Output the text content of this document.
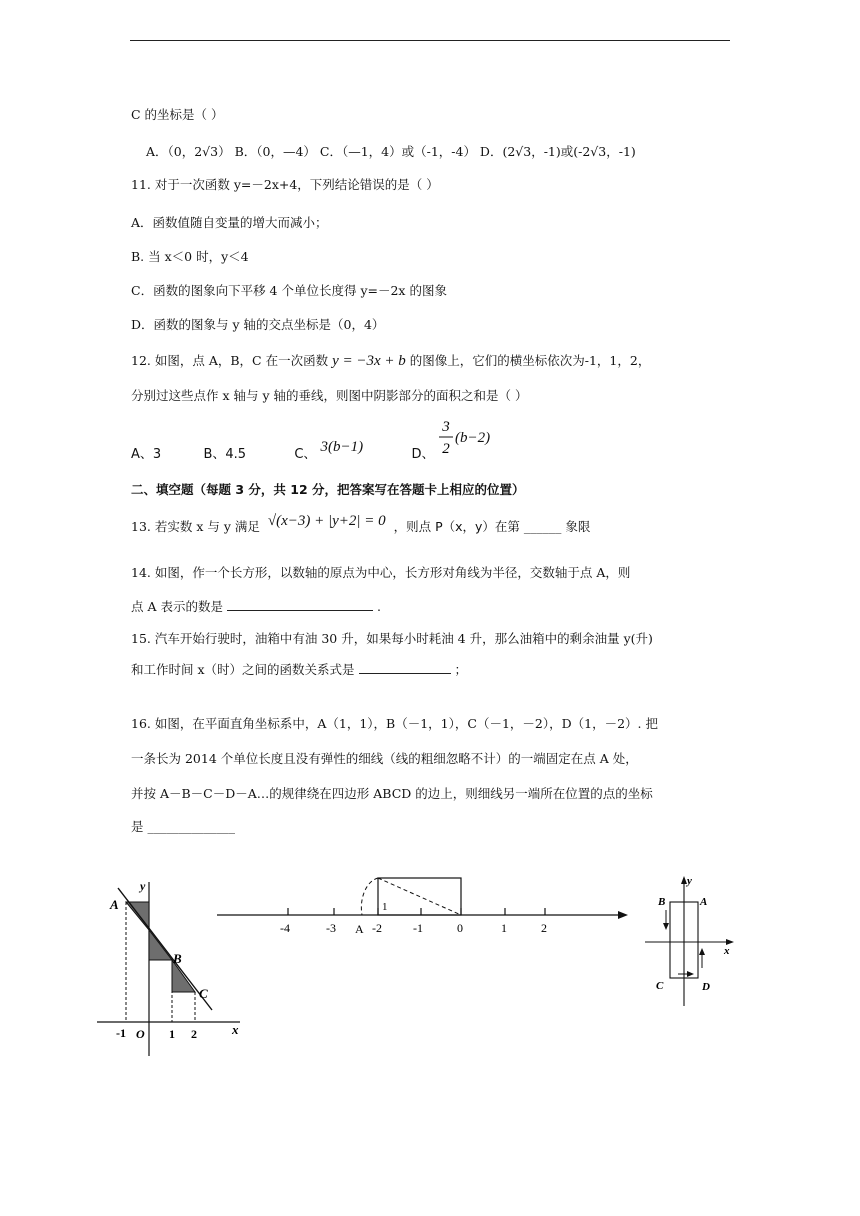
C 的坐标是（ ）
A．（0，2√3） B．（0，—4） C．（—1，4）或（-1，-4） D．(2√3，-1)或(-2√3，-1)
11. 对于一次函数 y=－2x+4，下列结论错误的是（ ）
A．函数值随自变量的增大而减小；
B. 当 x＜0 时，y＜4
C．函数的图象向下平移 4 个单位长度得 y=－2x 的图象
D．函数的图象与 y 轴的交点坐标是（0，4）
12. 如图，点 A，B，C 在一次函数 y = −3x + b 的图像上，它们的横坐标依次为-1，1，2，
分别过这些点作 x 轴与 y 轴的垂线，则图中阴影部分的面积之和是（ ）
A、3	B、4.5	C、 3(b−1)	D、
3
2
(b−2)
二、填空题（每题 3 分，共 12 分，把答案写在答题卡上相应的位置）
13. 若实数 x 与 y 满足 √(x−3) + |y+2| = 0 ，则点 P（x，y）在第 ______ 象限
14. 如图，作一个长方形，以数轴的原点为中心，长方形对角线为半径，交数轴于点 A，则
点 A 表示的数是	.
15. 汽车开始行驶时，油箱中有油 30 升，如果每小时耗油 4 升，那么油箱中的剩余油量 y(升)
和工作时间 x（时）之间的函数关系式是	；
16. 如图，在平面直角坐标系中，A（1，1），B（－1，1），C（－1，－2），D（1，－2）. 把
一条长为 2014 个单位长度且没有弹性的细线（线的粗细忽略不计）的一端固定在点 A 处，
并按 A－B－C－D－A…的规律绕在四边形 ABCD 的边上，则细线另一端所在位置的点的坐标
是 ______________
A
B
C
y
x
-1 O 1 2
1
-4	-3	-2	-1	0	1	2
A
y
x
A
B
C	D
